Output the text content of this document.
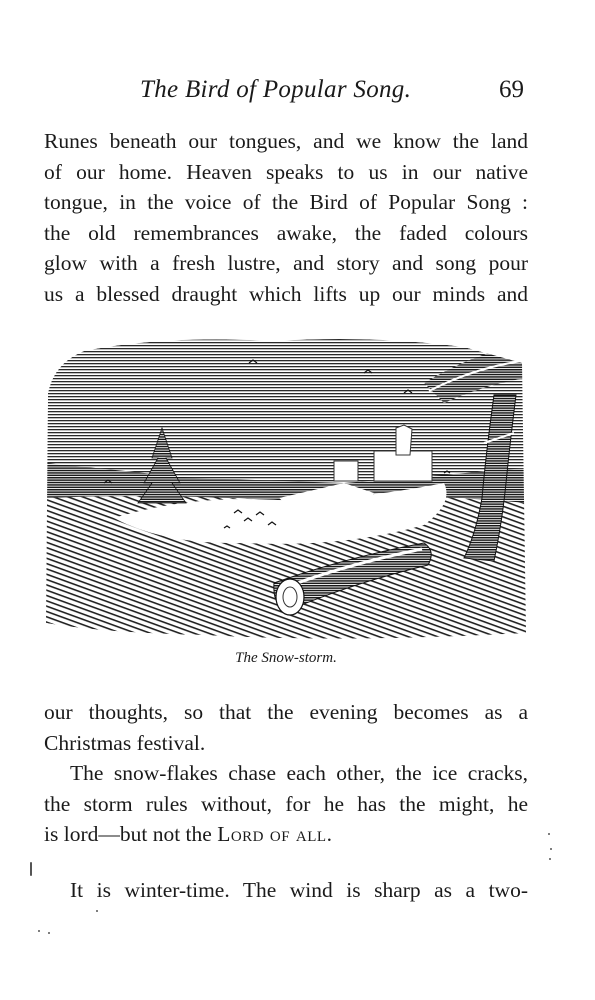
The Bird of Popular Song.	69

Runes beneath our tongues, and we know the land
of our home. Heaven speaks to us in our native
tongue, in the voice of the Bird of Popular Song :
the old remembrances awake, the faded colours
glow with a fresh lustre, and story and song pour
us a blessed draught which lifts up our minds and

The Snow-storm.

our thoughts, so that the evening becomes as a
Christmas festival.

The snow-flakes chase each other, the ice cracks,
the storm rules without, for he has the might, he
is lord—but not the Lord of all.

It is winter-time. The wind is sharp as a two-
